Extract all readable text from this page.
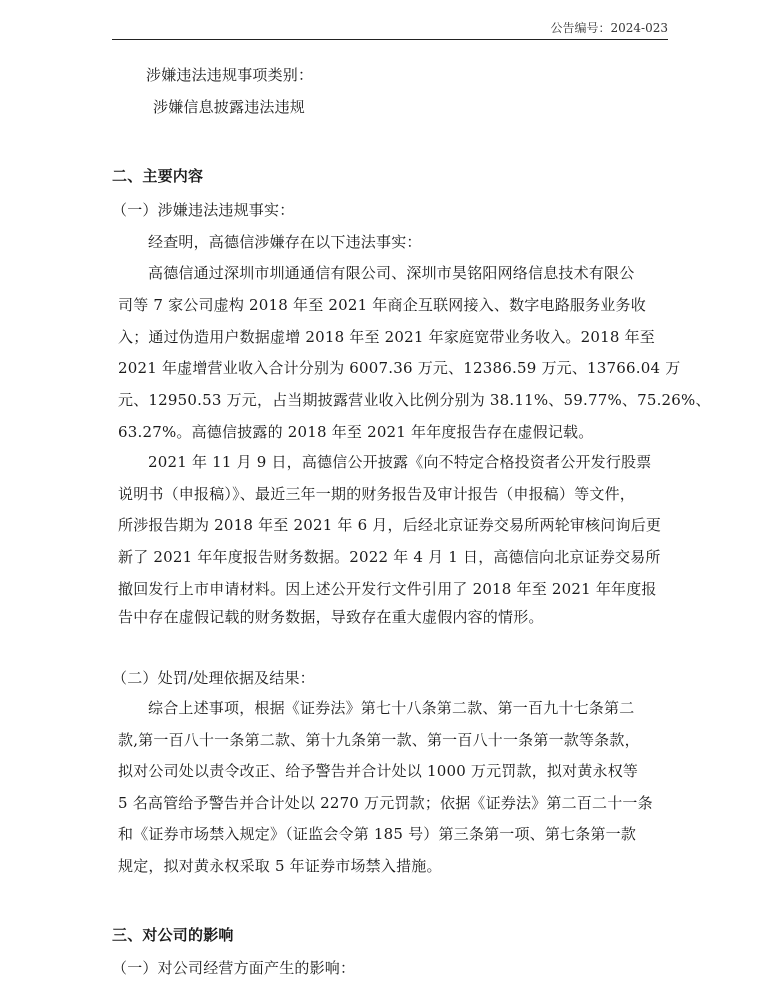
公告编号：2024-023
涉嫌违法违规事项类别：
涉嫌信息披露违法违规
二、主要内容
（一）涉嫌违法违规事实：
经查明，高德信涉嫌存在以下违法事实：
高德信通过深圳市圳通通信有限公司、深圳市昊铭阳网络信息技术有限公
司等 7 家公司虚构 2018 年至 2021 年商企互联网接入、数字电路服务业务收
入；通过伪造用户数据虚增 2018 年至 2021 年家庭宽带业务收入。2018 年至
2021 年虚增营业收入合计分别为 6007.36 万元、12386.59 万元、13766.04 万
元、12950.53 万元，占当期披露营业收入比例分别为 38.11%、59.77%、75.26%、
63.27%。高德信披露的 2018 年至 2021 年年度报告存在虚假记载。
2021 年 11 月 9 日，高德信公开披露《向不特定合格投资者公开发行股票
说明书（申报稿）》、最近三年一期的财务报告及审计报告（申报稿）等文件，
所涉报告期为 2018 年至 2021 年 6 月，后经北京证券交易所两轮审核问询后更
新了 2021 年年度报告财务数据。2022 年 4 月 1 日，高德信向北京证券交易所
撤回发行上市申请材料。因上述公开发行文件引用了 2018 年至 2021 年年度报
告中存在虚假记载的财务数据，导致存在重大虚假内容的情形。
（二）处罚/处理依据及结果：
综合上述事项，根据《证券法》第七十八条第二款、第一百九十七条第二
款,第一百八十一条第二款、第十九条第一款、第一百八十一条第一款等条款，
拟对公司处以责令改正、给予警告并合计处以 1000 万元罚款，拟对黄永权等
5 名高管给予警告并合计处以 2270 万元罚款；依据《证券法》第二百二十一条
和《证券市场禁入规定》（证监会令第 185 号）第三条第一项、第七条第一款
规定，拟对黄永权采取 5 年证券市场禁入措施。
三、对公司的影响
（一）对公司经营方面产生的影响：
